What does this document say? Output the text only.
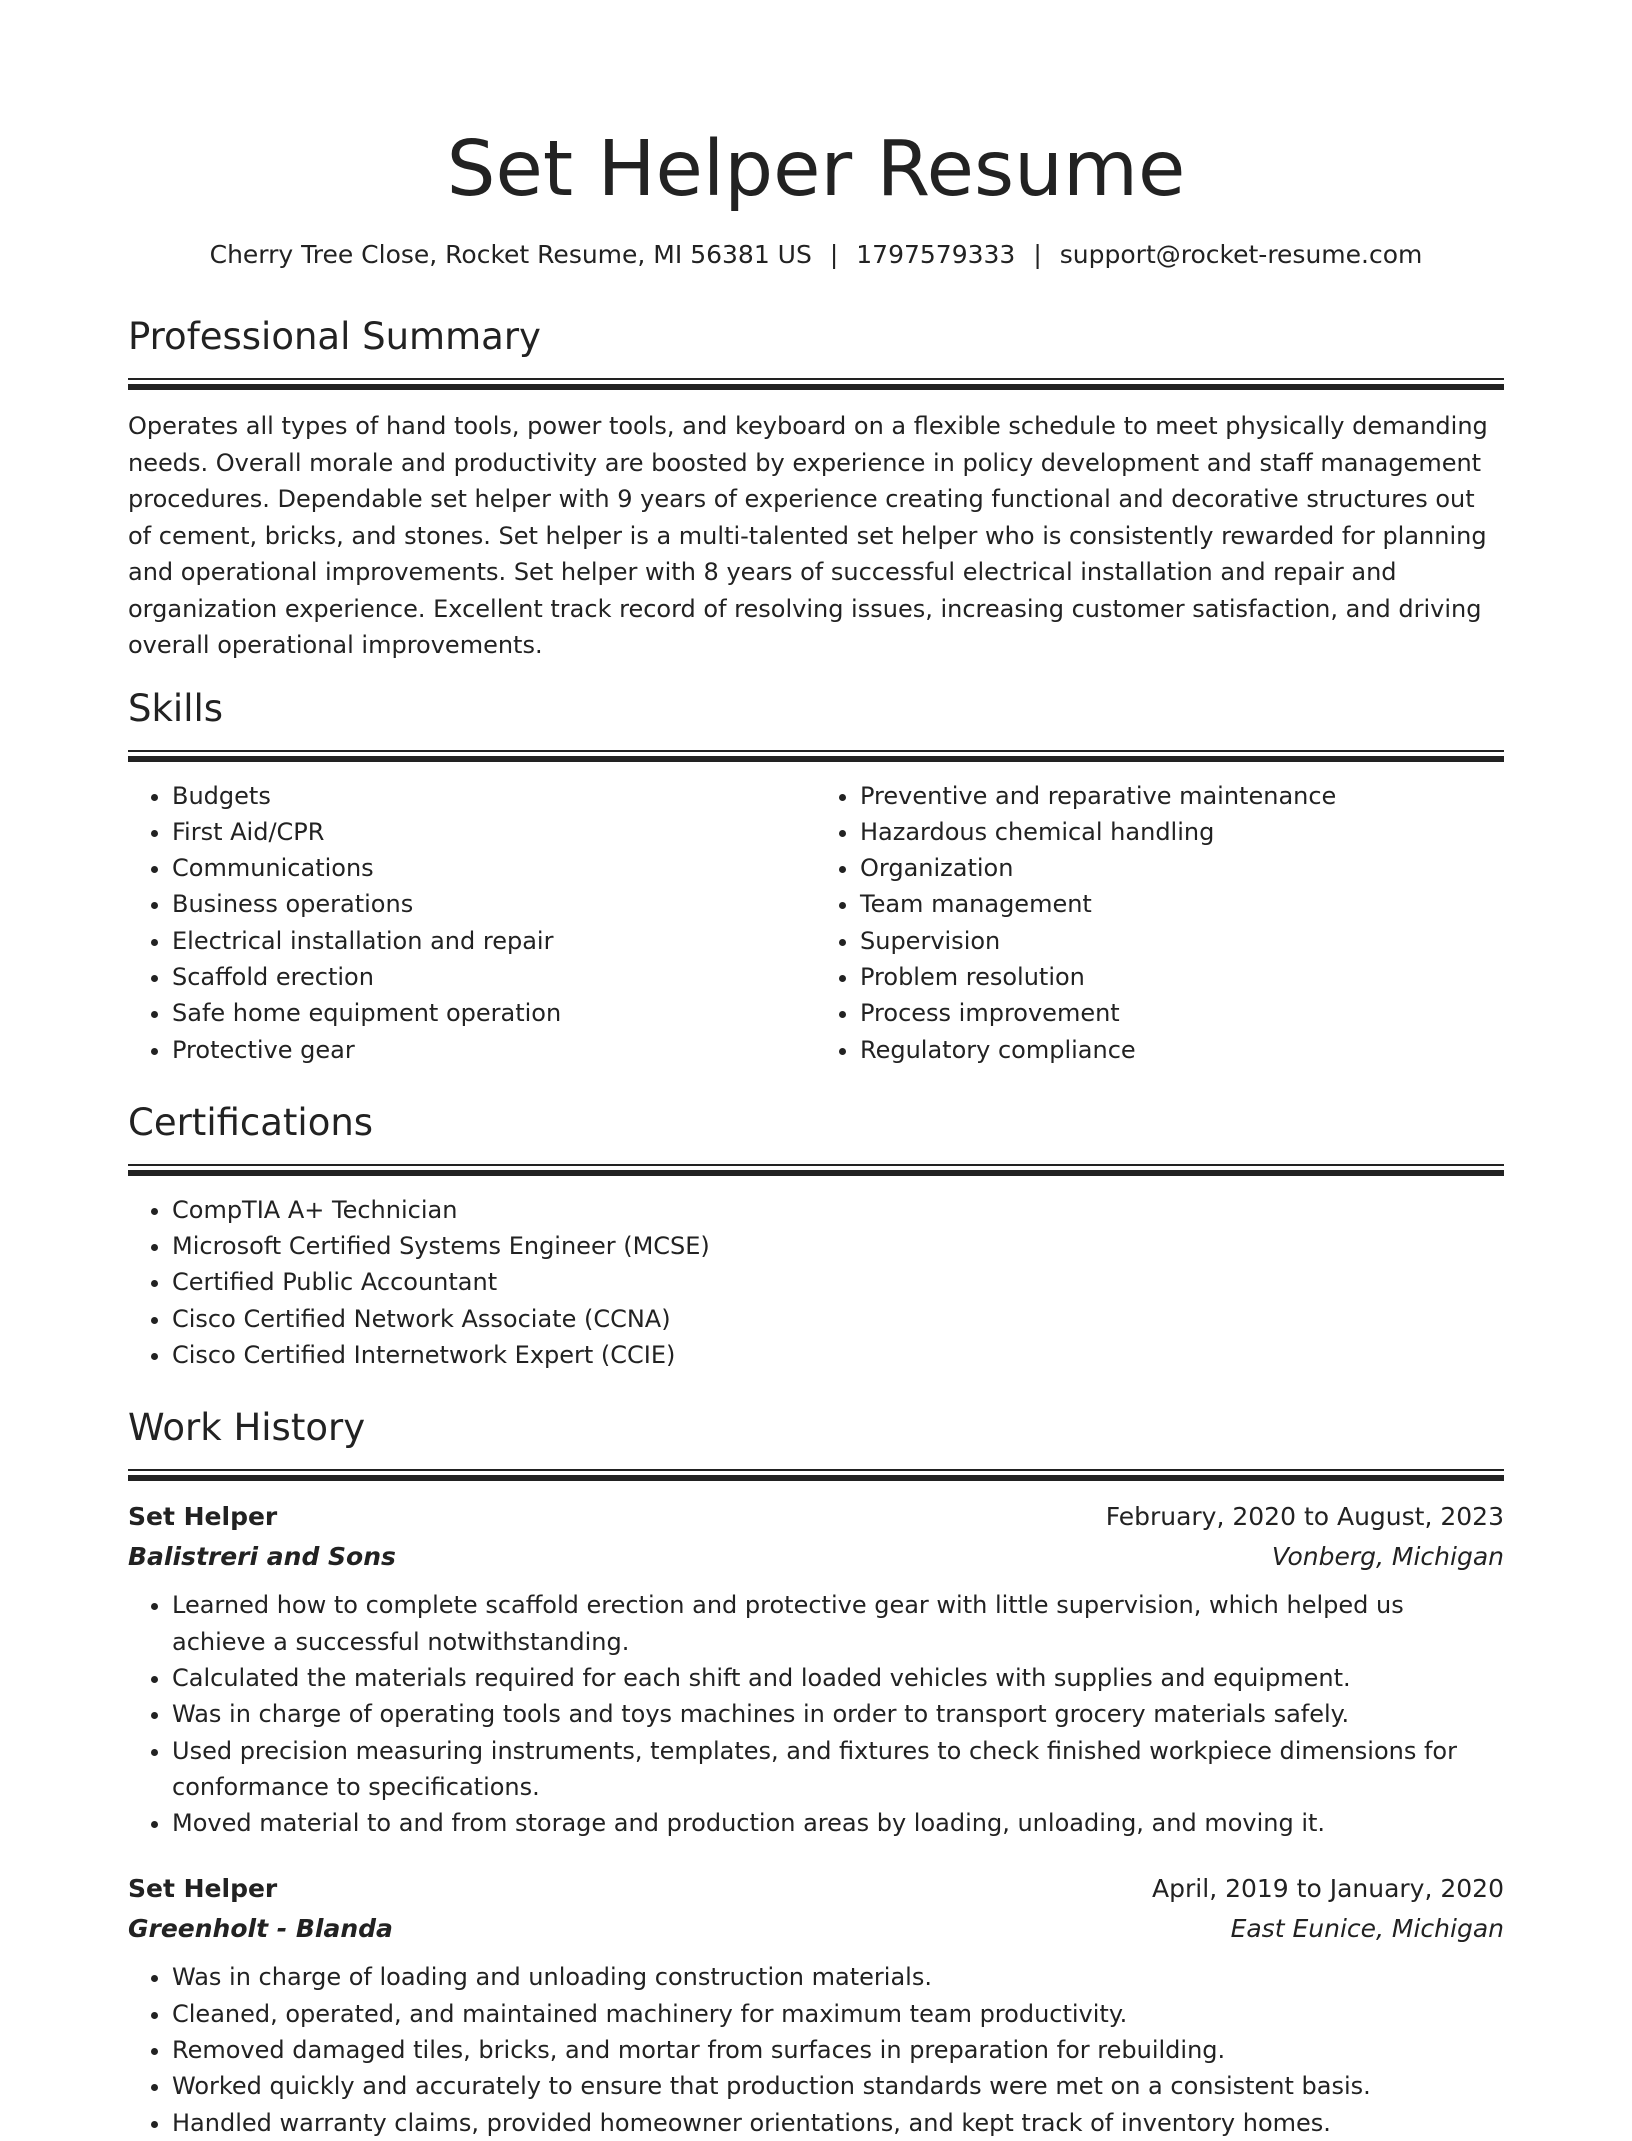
Set Helper Resume
Cherry Tree Close, Rocket Resume, MI 56381 US | 1797579333 | support@rocket-resume.com
Professional Summary

Operates all types of hand tools, power tools, and keyboard on a flexible schedule to meet physically demanding needs. Overall morale and productivity are boosted by experience in policy development and staff management procedures. Dependable set helper with 9 years of experience creating functional and decorative structures out of cement, bricks, and stones. Set helper is a multi-talented set helper who is consistently rewarded for planning and operational improvements. Set helper with 8 years of successful electrical installation and repair and organization experience. Excellent track record of resolving issues, increasing customer satisfaction, and driving overall operational improvements.

Skills
• Budgets
• First Aid/CPR
• Communications
• Business operations
• Electrical installation and repair
• Scaffold erection
• Safe home equipment operation
• Protective gear
• Preventive and reparative maintenance
• Hazardous chemical handling
• Organization
• Team management
• Supervision
• Problem resolution
• Process improvement
• Regulatory compliance
Certifications
• CompTIA A+ Technician
• Microsoft Certified Systems Engineer (MCSE)
• Certified Public Accountant
• Cisco Certified Network Associate (CCNA)
• Cisco Certified Internetwork Expert (CCIE)
Work History
Set Helper	February, 2020 to August, 2023
Balistreri and Sons	Vonberg, Michigan
• Learned how to complete scaffold erection and protective gear with little supervision, which helped us achieve a successful notwithstanding.
• Calculated the materials required for each shift and loaded vehicles with supplies and equipment.
• Was in charge of operating tools and toys machines in order to transport grocery materials safely.
• Used precision measuring instruments, templates, and fixtures to check finished workpiece dimensions for conformance to specifications.
• Moved material to and from storage and production areas by loading, unloading, and moving it.
Set Helper	April, 2019 to January, 2020
Greenholt - Blanda	East Eunice, Michigan
• Was in charge of loading and unloading construction materials.
• Cleaned, operated, and maintained machinery for maximum team productivity.
• Removed damaged tiles, bricks, and mortar from surfaces in preparation for rebuilding.
• Worked quickly and accurately to ensure that production standards were met on a consistent basis.
• Handled warranty claims, provided homeowner orientations, and kept track of inventory homes.
